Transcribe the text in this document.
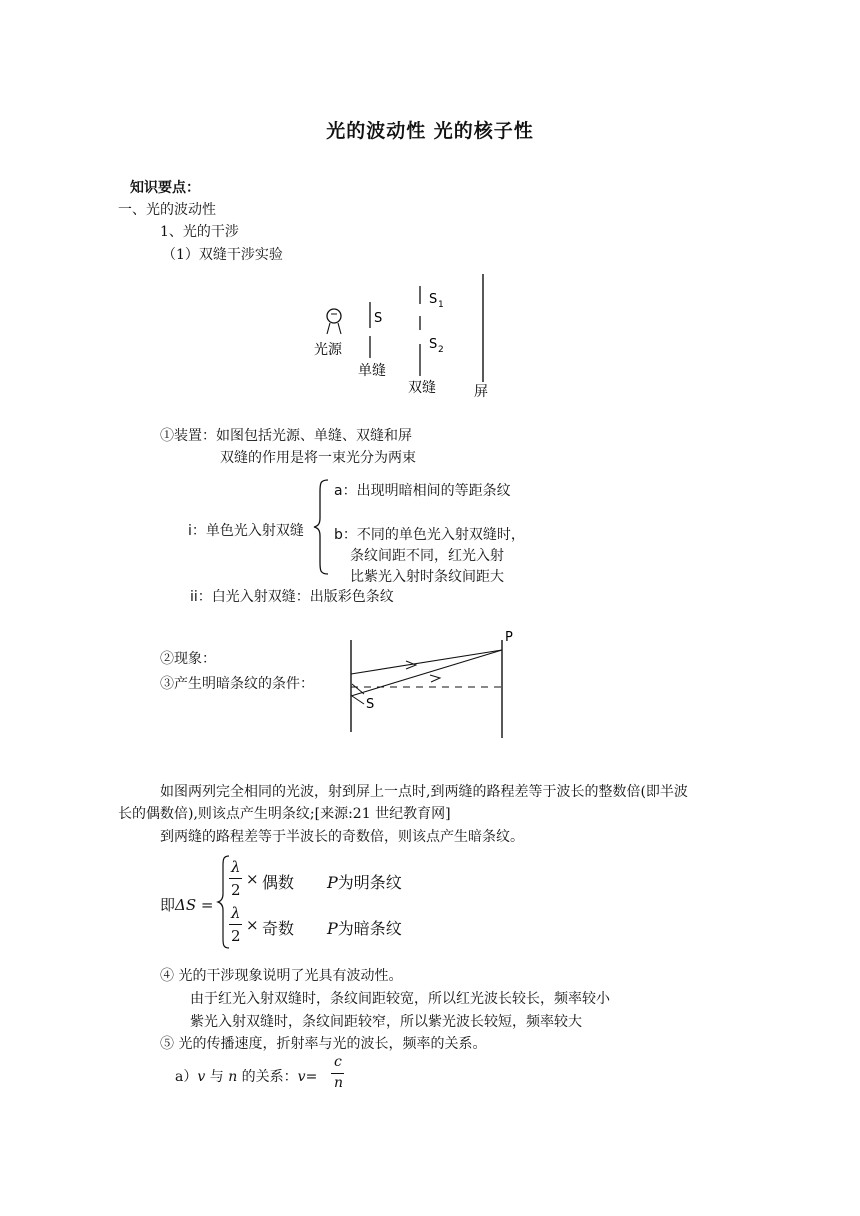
光的波动性 光的核子性
知识要点：
一、光的波动性
1、光的干涉
（1）双缝干涉实验
光源
单缝
双缝	屏
S
S 1
S 2
①装置：如图包括光源、单缝、双缝和屏
双缝的作用是将一束光分为两束
i：单色光入射双缝
a：出现明暗相间的等距条纹
b：不同的单色光入射双缝时，
条纹间距不同，红光入射
比紫光入射时条纹间距大
ii：白光入射双缝：出版彩色条纹
②现象：
③产生明暗条纹的条件：
P
S
如图两列完全相同的光波，射到屏上一点时,到两缝的路程差等于波长的整数倍(即半波
长的偶数倍),则该点产生明条纹;[来源:21 世纪教育网]
到两缝的路程差等于半波长的奇数倍，则该点产生暗条纹。
即ΔS =
λ
2
× 偶数 P为明条纹
λ
2
× 奇数 P为暗条纹
④ 光的干涉现象说明了光具有波动性。
由于红光入射双缝时，条纹间距较宽，所以红光波长较长，频率较小
紫光入射双缝时，条纹间距较窄，所以紫光波长较短，频率较大
⑤ 光的传播速度，折射率与光的波长，频率的关系。
a）v 与 n 的关系：v=
c
n
